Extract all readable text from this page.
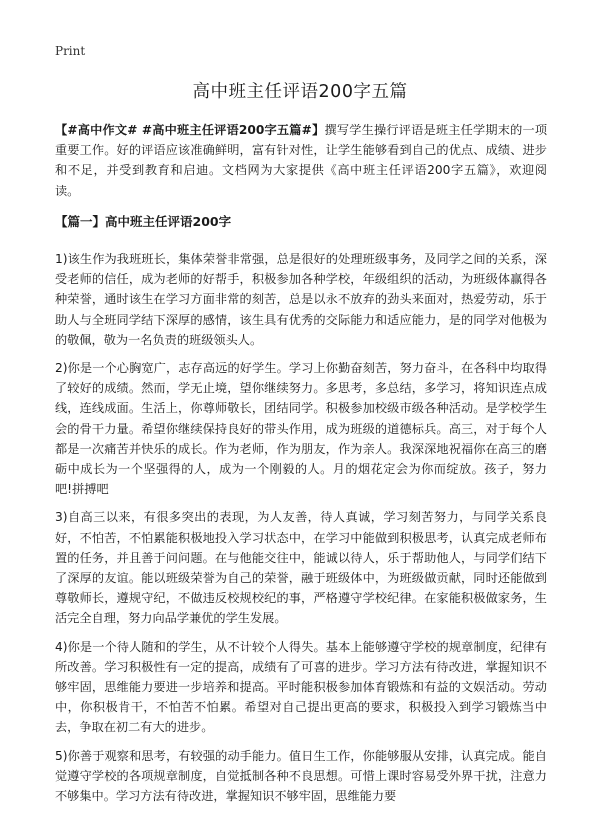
Print
高中班主任评语200字五篇

【#高中作文# #高中班主任评语200字五篇#】撰写学生操行评语是班主任学期末的一项重要工作。好的评语应该准确鲜明，富有针对性，让学生能够看到自己的优点、成绩、进步和不足，并受到教育和启迪。文档网为大家提供《高中班主任评语200字五篇》，欢迎阅读。

【篇一】高中班主任评语200字

1)该生作为我班班长，集体荣誉非常强，总是很好的处理班级事务，及同学之间的关系，深受老师的信任，成为老师的好帮手，积极参加各种学校，年级组织的活动，为班级体赢得各种荣誉，通时该生在学习方面非常的刻苦，总是以永不放弃的劲头来面对，热爱劳动，乐于助人与全班同学结下深厚的感情，该生具有优秀的交际能力和适应能力，是的同学对他极为的敬佩，敬为一名负责的班级领头人。

2)你是一个心胸宽广，志存高远的好学生。学习上你勤奋刻苦，努力奋斗，在各科中均取得了较好的成绩。然而，学无止境，望你继续努力。多思考，多总结，多学习，将知识连点成线，连线成面。生活上，你尊师敬长，团结同学。积极参加校级市级各种活动。是学校学生会的骨干力量。希望你继续保持良好的带头作用，成为班级的道德标兵。高三，对于每个人都是一次痛苦并快乐的成长。作为老师，作为朋友，作为亲人。我深深地祝福你在高三的磨砺中成长为一个坚强得的人，成为一个刚毅的人。月的烟花定会为你而绽放。孩子，努力吧!拼搏吧

3)自高三以来，有很多突出的表现，为人友善，待人真诚，学习刻苦努力，与同学关系良好，不怕苦，不怕累能积极地投入学习状态中，在学习中能做到积极思考，认真完成老师布置的任务，并且善于问问题。在与他能交往中，能诚以待人，乐于帮助他人，与同学们结下了深厚的友谊。能以班级荣誉为自己的荣誉，融于班级体中，为班级做贡献，同时还能做到尊敬师长，遵规守纪，不做违反校规校纪的事，严格遵守学校纪律。在家能积极做家务，生活完全自理，努力向品学兼优的学生发展。

4)你是一个待人随和的学生，从不计较个人得失。基本上能够遵守学校的规章制度，纪律有所改善。学习积极性有一定的提高，成绩有了可喜的进步。学习方法有待改进，掌握知识不够牢固，思维能力要进一步培养和提高。平时能积极参加体育锻炼和有益的文娱活动。劳动中，你积极肯干，不怕苦不怕累。希望对自己提出更高的要求，积极投入到学习锻炼当中去，争取在初二有大的进步。

5)你善于观察和思考，有较强的动手能力。值日生工作，你能够服从安排，认真完成。能自觉遵守学校的各项规章制度，自觉抵制各种不良思想。可惜上课时容易受外界干扰，注意力不够集中。学习方法有待改进，掌握知识不够牢固，思维能力要
